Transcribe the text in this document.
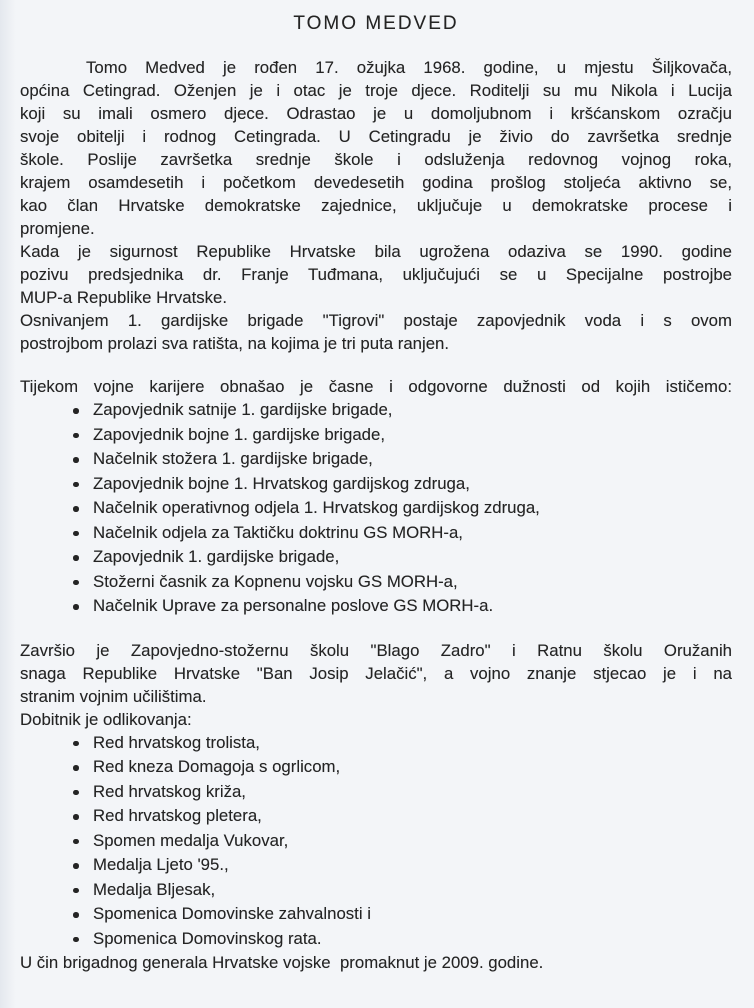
TOMO MEDVED
Tomo Medved je rođen 17. ožujka 1968. godine, u mjestu Šiljkovača,
općina Cetingrad. Oženjen je i otac je troje djece. Roditelji su mu Nikola i Lucija
koji su imali osmero djece. Odrastao je u domoljubnom i kršćanskom ozračju
svoje obitelji i rodnog Cetingrada. U Cetingradu je živio do završetka srednje
škole. Poslije završetka srednje škole i odsluženja redovnog vojnog roka,
krajem osamdesetih i početkom devedesetih godina prošlog stoljeća aktivno se,
kao član Hrvatske demokratske zajednice, uključuje u demokratske procese i
promjene.
Kada je sigurnost Republike Hrvatske bila ugrožena odaziva se 1990. godine
pozivu predsjednika dr. Franje Tuđmana, uključujući se u Specijalne postrojbe
MUP-a Republike Hrvatske.
Osnivanjem 1. gardijske brigade "Tigrovi" postaje zapovjednik voda i s ovom
postrojbom prolazi sva ratišta, na kojima je tri puta ranjen.
Tijekom vojne karijere obnašao je časne i odgovorne dužnosti od kojih ističemo:
Zapovjednik satnije 1. gardijske brigade,
Zapovjednik bojne 1. gardijske brigade,
Načelnik stožera 1. gardijske brigade,
Zapovjednik bojne 1. Hrvatskog gardijskog zdruga,
Načelnik operativnog odjela 1. Hrvatskog gardijskog zdruga,
Načelnik odjela za Taktičku doktrinu GS MORH-a,
Zapovjednik 1. gardijske brigade,
Stožerni časnik za Kopnenu vojsku GS MORH-a,
Načelnik Uprave za personalne poslove GS MORH-a.
Završio je Zapovjedno-stožernu školu "Blago Zadro" i Ratnu školu Oružanih
snaga Republike Hrvatske "Ban Josip Jelačić", a vojno znanje stjecao je i na
stranim vojnim učilištima.
Dobitnik je odlikovanja:
Red hrvatskog trolista,
Red kneza Domagoja s ogrlicom,
Red hrvatskog križa,
Red hrvatskog pletera,
Spomen medalja Vukovar,
Medalja Ljeto '95.,
Medalja Bljesak,
Spomenica Domovinske zahvalnosti i
Spomenica Domovinskog rata.
U čin brigadnog generala Hrvatske vojske  promaknut je 2009. godine.
